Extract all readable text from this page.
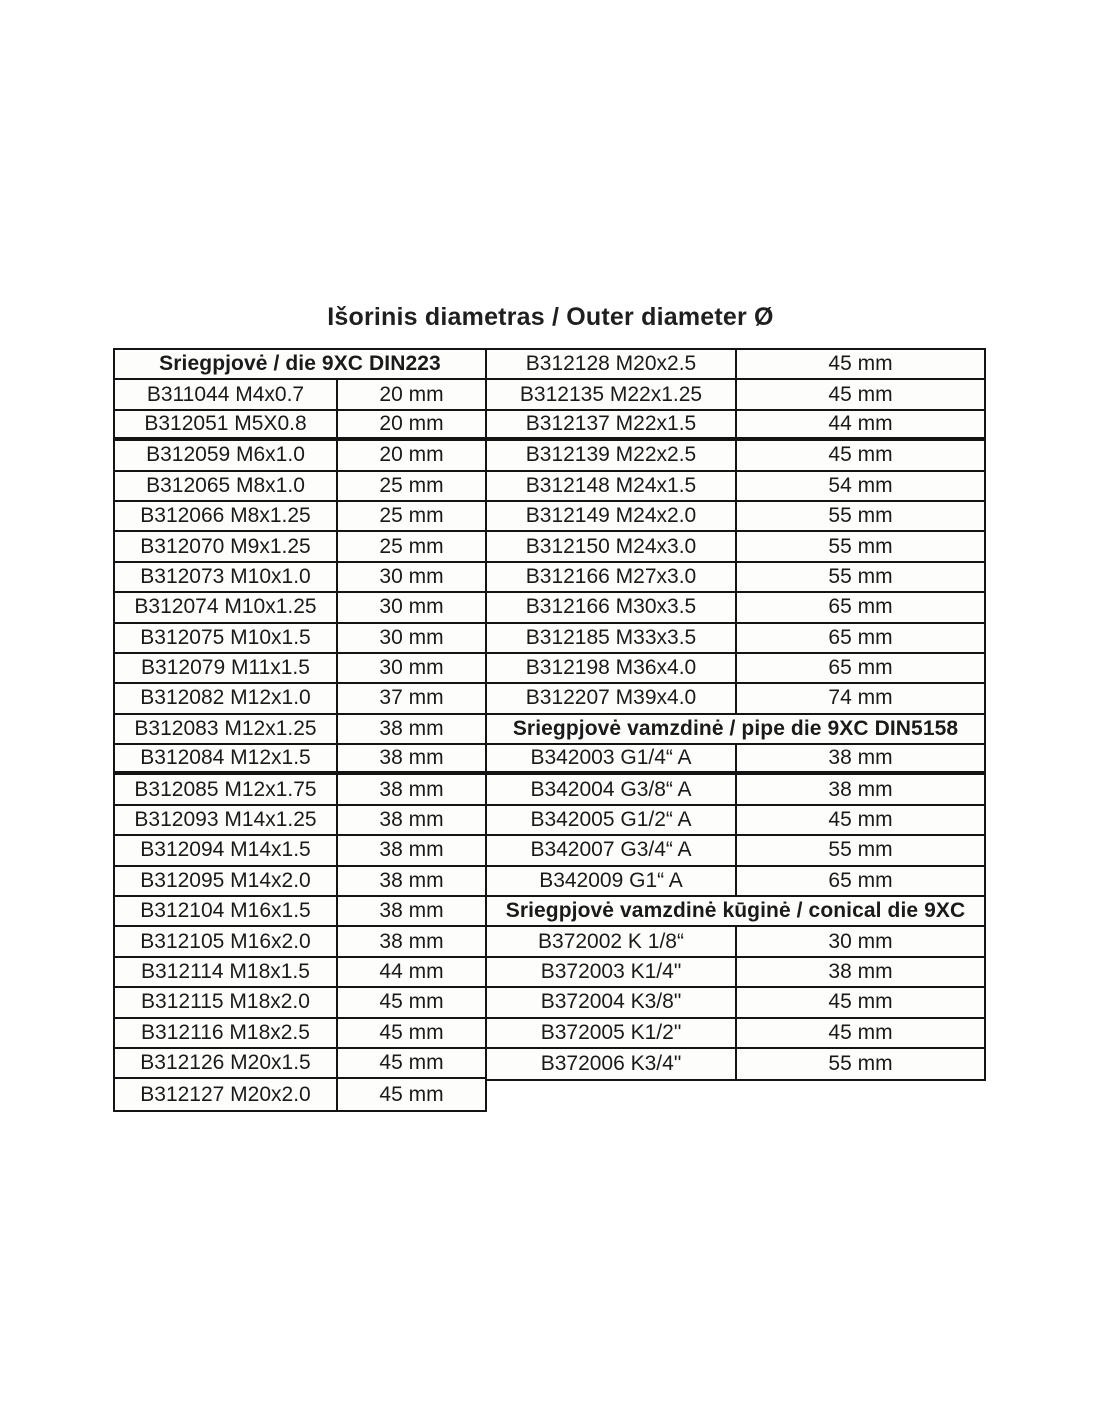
Išorinis diametras / Outer diameter Ø
Sriegpjovė / die 9XC DIN223
B311044 M4x0.7	20 mm
B312051 M5X0.8	20 mm
B312059 M6x1.0	20 mm
B312065 M8x1.0	25 mm
B312066 M8x1.25	25 mm
B312070 M9x1.25	25 mm
B312073 M10x1.0	30 mm
B312074 M10x1.25	30 mm
B312075 M10x1.5	30 mm
B312079 M11x1.5	30 mm
B312082 M12x1.0	37 mm
B312083 M12x1.25	38 mm
B312084 M12x1.5	38 mm
B312085 M12x1.75	38 mm
B312093 M14x1.25	38 mm
B312094 M14x1.5	38 mm
B312095 M14x2.0	38 mm
B312104 M16x1.5	38 mm
B312105 M16x2.0	38 mm
B312114 M18x1.5	44 mm
B312115 M18x2.0	45 mm
B312116 M18x2.5	45 mm
B312126 M20x1.5	45 mm
B312127 M20x2.0	45 mm
B312128 M20x2.5	45 mm
B312135 M22x1.25	45 mm
B312137 M22x1.5	44 mm
B312139 M22x2.5	45 mm
B312148 M24x1.5	54 mm
B312149 M24x2.0	55 mm
B312150 M24x3.0	55 mm
B312166 M27x3.0	55 mm
B312166 M30x3.5	65 mm
B312185 M33x3.5	65 mm
B312198 M36x4.0	65 mm
B312207 M39x4.0	74 mm
Sriegpjovė vamzdinė / pipe die 9XC DIN5158
B342003 G1/4“ A	38 mm
B342004 G3/8“ A	38 mm
B342005 G1/2“ A	45 mm
B342007 G3/4“ A	55 mm
B342009 G1“ A	65 mm
Sriegpjovė vamzdinė kūginė / conical die 9XC
B372002 K 1/8“	30 mm
B372003 K1/4"	38 mm
B372004 K3/8"	45 mm
B372005 K1/2"	45 mm
B372006 K3/4"	55 mm
